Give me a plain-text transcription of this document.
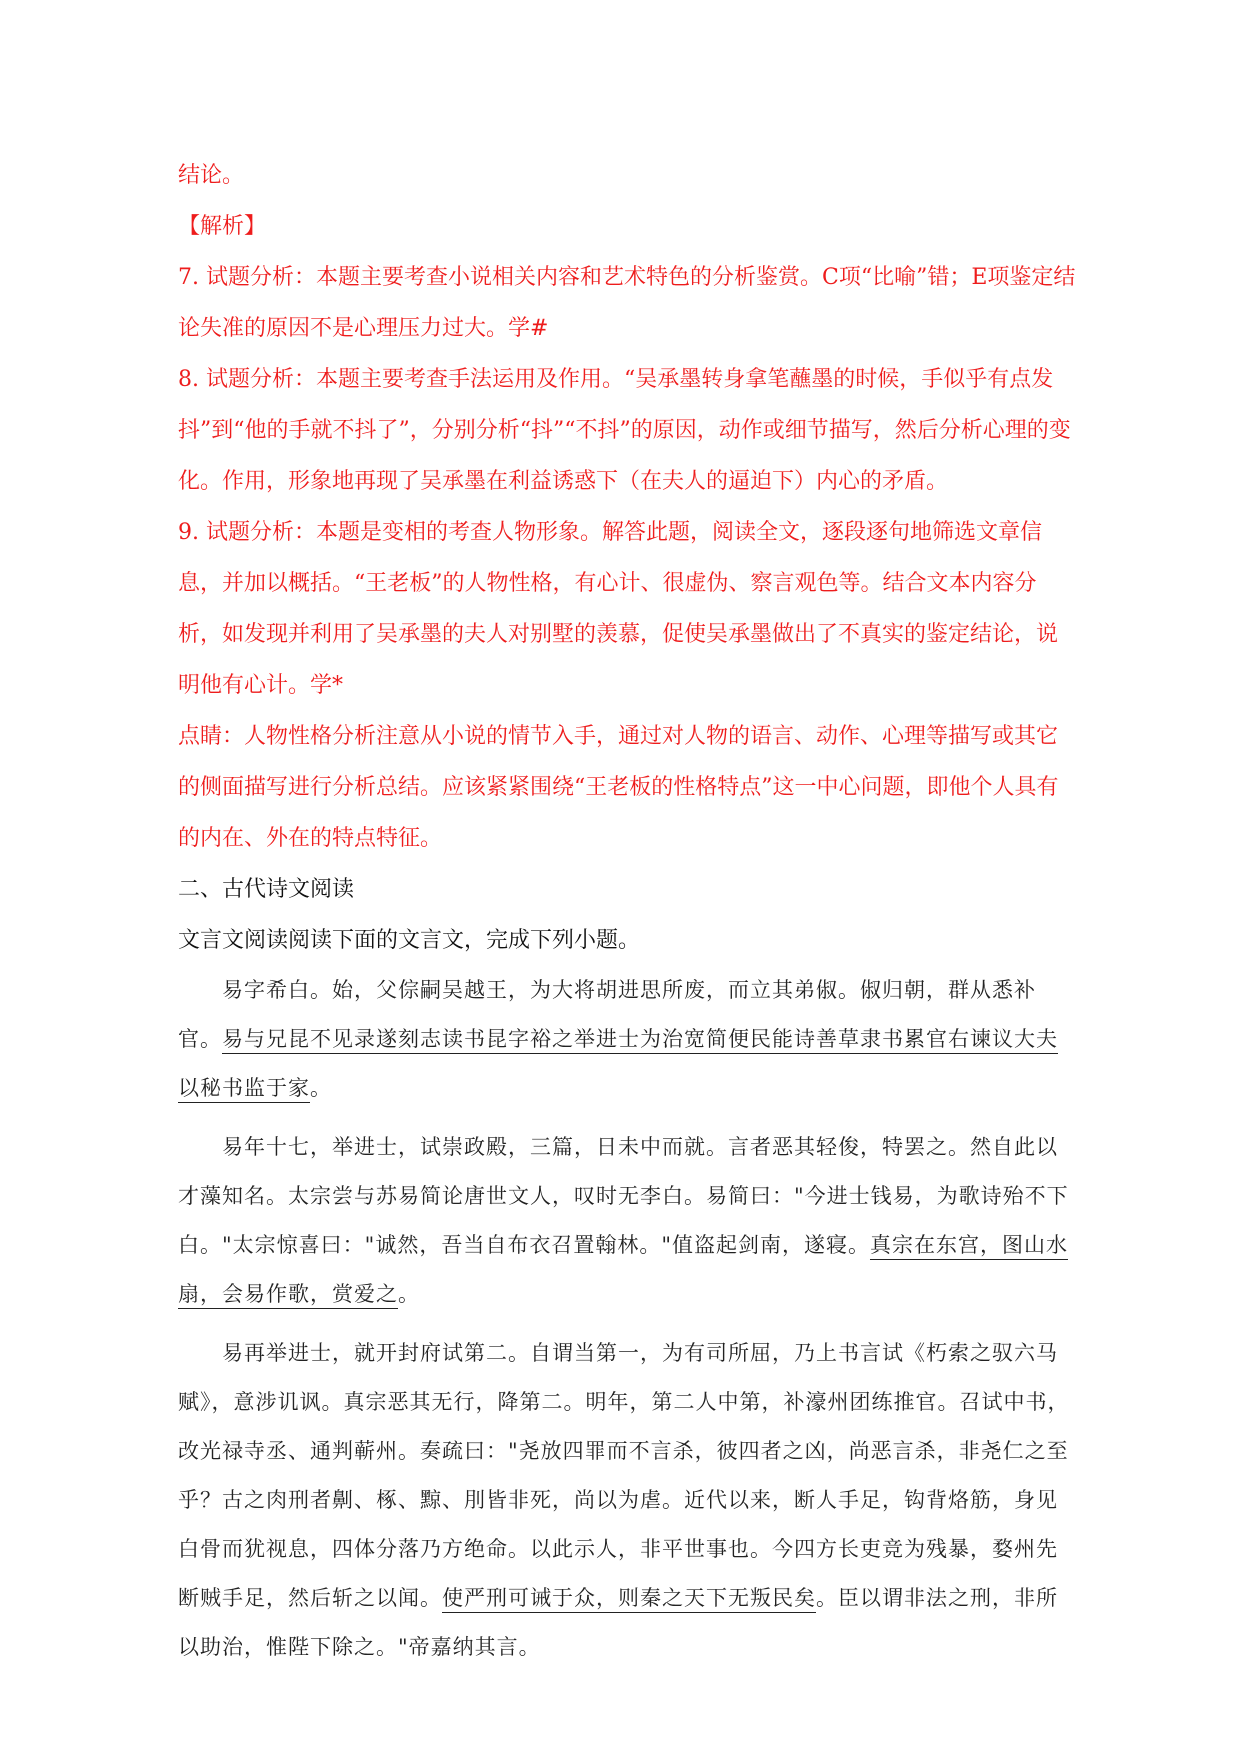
结论。

【解析】

7. 试题分析：本题主要考查小说相关内容和艺术特色的分析鉴赏。C项“比喻”错；E项鉴定结论失准的原因不是心理压力过大。学#

8. 试题分析：本题主要考查手法运用及作用。“吴承墨转身拿笔蘸墨的时候，手似乎有点发抖”到“他的手就不抖了”，分别分析“抖”“不抖”的原因，动作或细节描写，然后分析心理的变化。作用，形象地再现了吴承墨在利益诱惑下（在夫人的逼迫下）内心的矛盾。

9. 试题分析：本题是变相的考查人物形象。解答此题，阅读全文，逐段逐句地筛选文章信息，并加以概括。“王老板”的人物性格，有心计、很虚伪、察言观色等。结合文本内容分析，如发现并利用了吴承墨的夫人对别墅的羡慕，促使吴承墨做出了不真实的鉴定结论，说明他有心计。学*

点睛：人物性格分析注意从小说的情节入手，通过对人物的语言、动作、心理等描写或其它的侧面描写进行分析总结。应该紧紧围绕“王老板的性格特点”这一中心问题，即他个人具有的内在、外在的特点特征。

二、古代诗文阅读

文言文阅读阅读下面的文言文，完成下列小题。

易字希白。始，父倧嗣吴越王，为大将胡进思所废，而立其弟俶。俶归朝，群从悉补官。易与兄昆不见录遂刻志读书昆字裕之举进士为治宽简便民能诗善草隶书累官右谏议大夫以秘书监于家。

易年十七，举进士，试崇政殿，三篇，日未中而就。言者恶其轻俊，特罢之。然自此以才藻知名。太宗尝与苏易简论唐世文人，叹时无李白。易简曰："今进士钱易，为歌诗殆不下白。"太宗惊喜曰："诚然，吾当自布衣召置翰林。"值盗起剑南，遂寝。真宗在东宫，图山水扇，会易作歌，赏爱之。

易再举进士，就开封府试第二。自谓当第一，为有司所屈，乃上书言试《朽索之驭六马赋》，意涉讥讽。真宗恶其无行，降第二。明年，第二人中第，补濠州团练推官。召试中书，改光禄寺丞、通判蕲州。奏疏曰："尧放四罪而不言杀，彼四者之凶，尚恶言杀，非尧仁之至乎？古之肉刑者劓、椓、黥、刖皆非死，尚以为虐。近代以来，断人手足，钩背烙筋，身见白骨而犹视息，四体分落乃方绝命。以此示人，非平世事也。今四方长吏竞为残暴，婺州先断贼手足，然后斩之以闻。使严刑可诫于众，则秦之天下无叛民矣。臣以谓非法之刑，非所以助治，惟陛下除之。"帝嘉纳其言。
